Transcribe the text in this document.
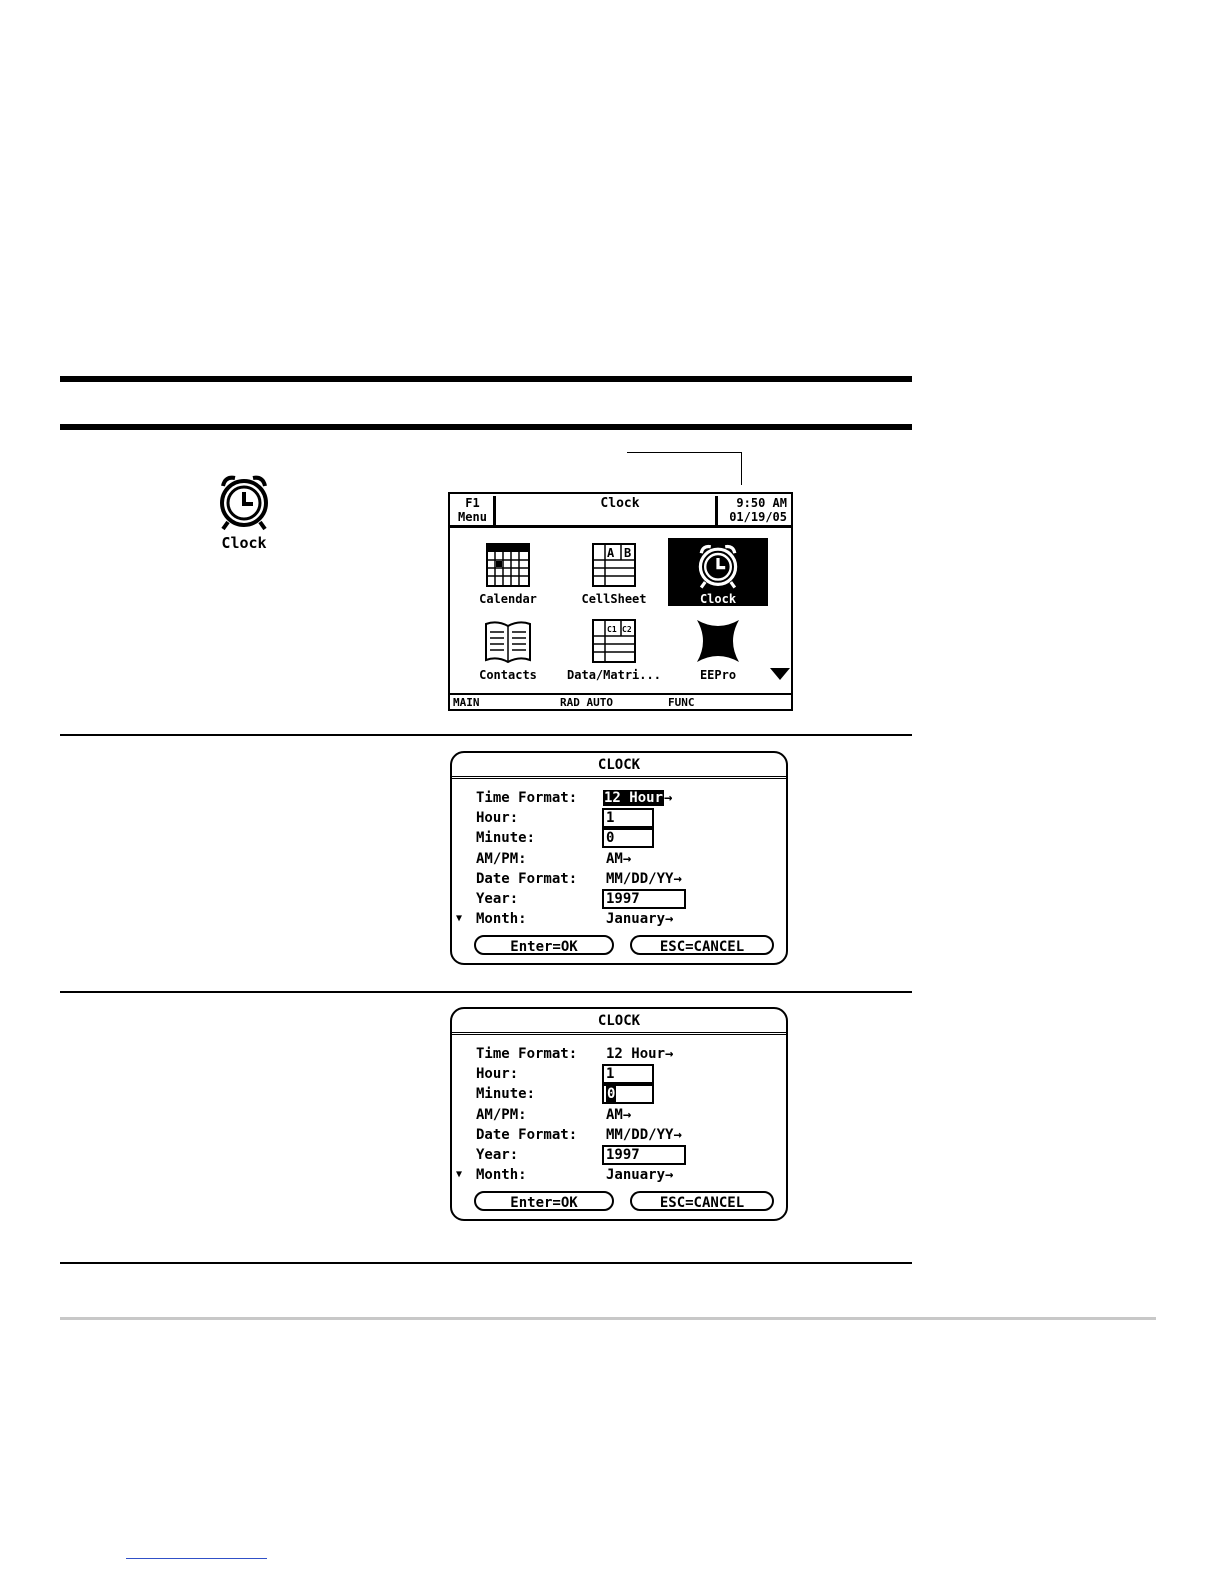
Clock
F1
Menu
Clock	9:50 AM
01/19/05
Calendar
A B
CellSheet	Clock
Contacts
C1 C2
Data/Matri...	EEPro
MAIN	RAD AUTO	FUNC
CLOCK
Time Format: 12 Hour→
Hour:	1
Minute:	0
AM/PM:	AM→
Date Format: MM/DD/YY→
Year:	1997
▼ Month:	January→
Enter=OK	ESC=CANCEL
CLOCK
Time Format: 12 Hour→
Hour:	1
Minute:	0
AM/PM:	AM→
Date Format: MM/DD/YY→
Year:	1997
▼ Month:	January→
Enter=OK	ESC=CANCEL
